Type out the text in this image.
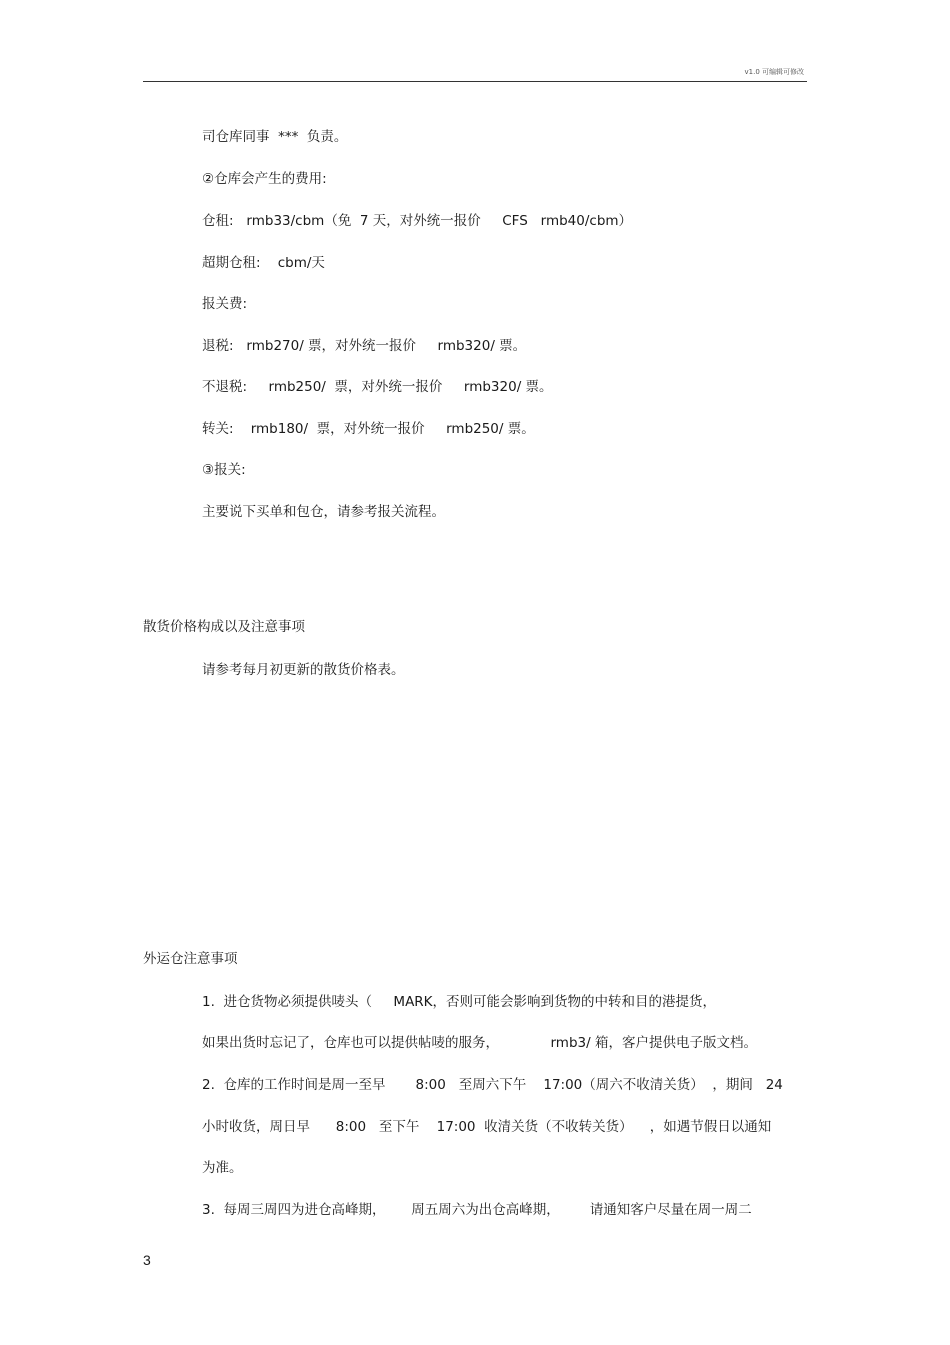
v1.0 可编辑可修改
司仓库同事  ***  负责。
②仓库会产生的费用:
仓租:   rmb33/cbm（免  7 天，对外统一报价     CFS   rmb40/cbm）
超期仓租:    cbm/天
报关费:
退税:   rmb270/ 票，对外统一报价     rmb320/ 票。
不退税:     rmb250/  票，对外统一报价     rmb320/ 票。
转关:    rmb180/  票，对外统一报价     rmb250/ 票。
③报关:
主要说下买单和包仓，请参考报关流程。
散货价格构成以及注意事项
请参考每月初更新的散货价格表。
外运仓注意事项
1.  进仓货物必须提供唛头（     MARK，否则可能会影响到货物的中转和目的港提货，
如果出货时忘记了，仓库也可以提供帖唛的服务，            rmb3/ 箱，客户提供电子版文档。
2.  仓库的工作时间是周一至早       8:00   至周六下午    17:00（周六不收清关货）  ，期间   24
小时收货，周日早      8:00   至下午    17:00  收清关货（不收转关货）    ，如遇节假日以通知
为准。
3.  每周三周四为进仓高峰期，      周五周六为出仓高峰期，       请通知客户尽量在周一周二
3
